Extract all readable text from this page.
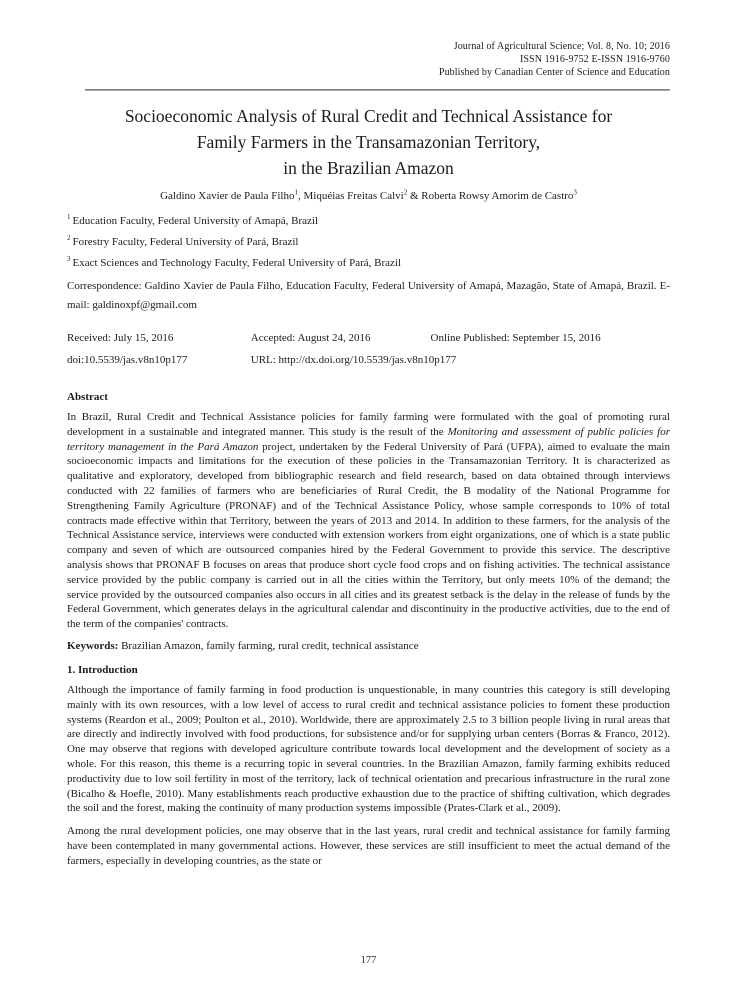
Journal of Agricultural Science; Vol. 8, No. 10; 2016
ISSN 1916-9752 E-ISSN 1916-9760
Published by Canadian Center of Science and Education
Socioeconomic Analysis of Rural Credit and Technical Assistance for
Family Farmers in the Transamazonian Territory,
in the Brazilian Amazon

Galdino Xavier de Paula Filho$^1$, Miquéias Freitas Calvi$^2$ & Roberta Rowsy Amorim de Castro$^3$

$^1$ Education Faculty, Federal University of Amapá, Brazil

$^2$ Forestry Faculty, Federal University of Pará, Brazil

$^3$ Exact Sciences and Technology Faculty, Federal University of Pará, Brazil

Correspondence: Galdino Xavier de Paula Filho, Education Faculty, Federal University of Amapá, Mazagão, State of Amapá, Brazil. E-mail: galdinoxpf@gmail.com

Received: July 15, 2016	Accepted: August 24, 2016	Online Published: September 15, 2016
doi:10.5539/jas.v8n10p177	URL: http://dx.doi.org/10.5539/jas.v8n10p177
Abstract

In Brazil, Rural Credit and Technical Assistance policies for family farming were formulated with the goal of promoting rural development in a sustainable and integrated manner. This study is the result of the Monitoring and assessment of public policies for territory management in the Pará Amazon project, undertaken by the Federal University of Pará (UFPA), aimed to evaluate the main socioeconomic impacts and limitations for the execution of these policies in the Transamazonian Territory. It is characterized as qualitative and exploratory, developed from bibliographic research and field research, based on data obtained through interviews conducted with 22 families of farmers who are beneficiaries of Rural Credit, the B modality of the National Programme for Strengthening Family Agriculture (PRONAF) and of the Technical Assistance Policy, whose sample corresponds to 10% of total contracts made effective within that Territory, between the years of 2013 and 2014. In addition to these farmers, for the analysis of the Technical Assistance service, interviews were conducted with extension workers from eight organizations, one of which is a state public company and seven of which are outsourced companies hired by the Federal Government to provide this service. The descriptive analysis shows that PRONAF B focuses on areas that produce short cycle food crops and on fishing activities. The technical assistance service provided by the public company is carried out in all the cities within the Territory, but only meets 10% of the demand; the service provided by the outsourced companies also occurs in all cities and its greatest setback is the delay in the release of funds by the Federal Government, which generates delays in the agricultural calendar and discontinuity in the productive activities, due to the end of the term of the companies' contracts.

Keywords: Brazilian Amazon, family farming, rural credit, technical assistance

1. Introduction

Although the importance of family farming in food production is unquestionable, in many countries this category is still developing mainly with its own resources, with a low level of access to rural credit and technical assistance policies to foment these production systems (Reardon et al., 2009; Poulton et al., 2010). Worldwide, there are approximately 2.5 to 3 billion people living in rural areas that are directly and indirectly involved with food productions, for subsistence and/or for supplying urban centers (Borras & Franco, 2012). One may observe that regions with developed agriculture contribute towards local development and the development of society as a whole. For this reason, this theme is a recurring topic in several countries. In the Brazilian Amazon, family farming exhibits reduced productivity due to low soil fertility in most of the territory, lack of technical orientation and precarious infrastructure in the rural zone (Bicalho & Hoefle, 2010). Many establishments reach productive exhaustion due to the practice of shifting cultivation, which degrades the soil and the forest, making the continuity of many production systems impossible (Prates-Clark et al., 2009).

Among the rural development policies, one may observe that in the last years, rural credit and technical assistance for family farming have been contemplated in many governmental actions. However, these services are still insufficient to meet the actual demand of the farmers, especially in developing countries, as the state or

177
